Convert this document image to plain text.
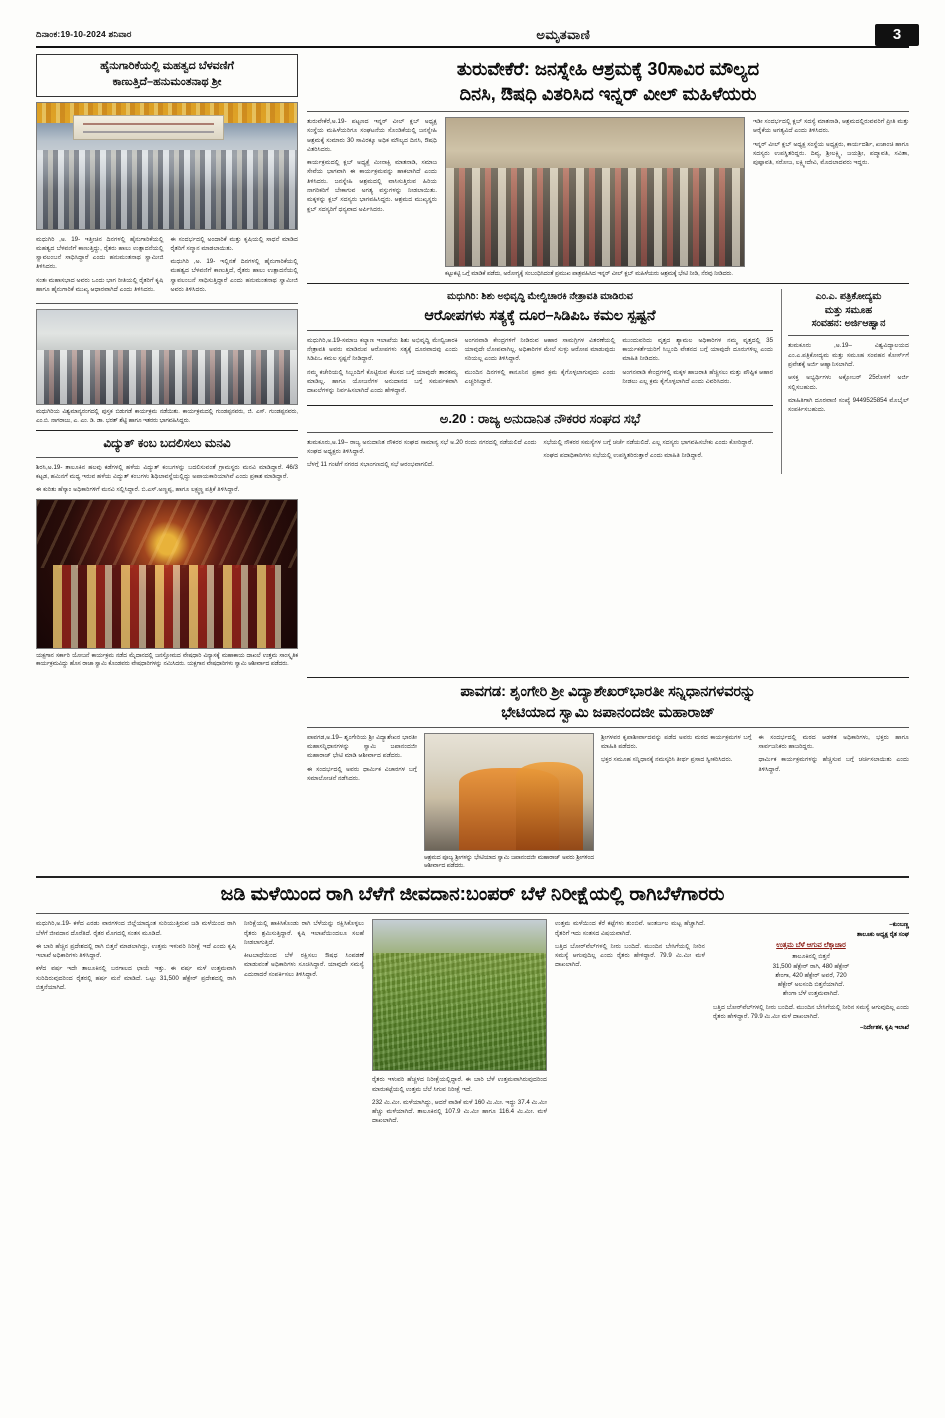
ದಿನಾಂಕ:19-10-2024 ಶನಿವಾರ	ಅಮೃತವಾಣಿ	3
ಹೈನುಗಾರಿಕೆಯಲ್ಲಿ ಮಹತ್ವದ ಬೆಳವಣಿಗೆ
ಕಾಣುತ್ತಿದೆ–ಹನುಮಂತನಾಥ ಶ್ರೀ

ಮಧುಗಿರಿ ,ಅ. 19- ಇತ್ತೀಚಿನ ದಿನಗಳಲ್ಲಿ ಹೈನುಗಾರಿಕೆಯಲ್ಲಿ ಮಹತ್ವದ ಬೆಳವಣಿಗೆ ಕಾಣುತ್ತಿದ್ದು, ರೈತರು ಹಾಲು ಉತ್ಪಾದನೆಯಲ್ಲಿ ಸ್ವಾವಲಂಬನೆ ಸಾಧಿಸಿದ್ದಾರೆ ಎಂದು ಹನುಮಂತನಾಥ ಸ್ವಾಮೀಜಿ ತಿಳಿಸಿದರು.

ಸಂತಃ ಮಹಾಸಭಾದ ಅವರು ಒಂದು ಭಾಗ ರೀತಿಯಲ್ಲಿ ರೈತರಿಗೆ ಕೃಷಿ ಹಾಗೂ ಹೈನುಗಾರಿಕೆ ಮುಖ್ಯ ಆಧಾರವಾಗಿದೆ ಎಂದು ತಿಳಿಸಿದರು.

ಈ ಸಂದರ್ಭದಲ್ಲಿ ಅಂದಾರಿಕೆ ಮತ್ತು ಕೃಷಿಯಲ್ಲಿ ಸಾಧನೆ ಮಾಡಿದ ರೈತರಿಗೆ ಸನ್ಮಾನ ಮಾಡಲಾಯಿತು.

ಮಧುಗಿರಿ ,ಅ. 19- ಇಲ್ಲಿನತೆ ದಿನಗಳಲ್ಲಿ ಹೈನುಗಾರಿಕೆಯಲ್ಲಿ ಮಹತ್ವದ ಬೆಳವಣಿಗೆ ಕಾಣುತ್ತಿದೆ, ರೈತರು ಹಾಲು ಉತ್ಪಾದನೆಯಲ್ಲಿ ಸ್ವಾವಲಂಬನೆ ಸಾಧಿಸುತ್ತಿದ್ದಾರೆ ಎಂದು ಹನುಮಂತನಾಥ ಸ್ವಾಮೀಜಿ ಅವರು ತಿಳಿಸಿದರು.

ಮಧುಗಿರಿಯ ವಿಶ್ವಮಾನ್ಯರಂಗದಲ್ಲಿ ಪುಸ್ತಕ ಬಿಡುಗಡೆ ಕಾರ್ಯಕ್ರಮ ನಡೆಯಿತು. ಕಾರ್ಯಕ್ರಮದಲ್ಲಿ ಗುಂಡಪ್ಪನವರು, ಜಿ. ಎಸ್. ಗುಂಡಪ್ಪನವರು, ಎಂ.ಬಿ. ನಾಗರಾಜು, ಎ. ಎಂ. ಡಿ. ಡಾ. ಭರತ್ ಶೆಟ್ಟಿ ಹಾಗೂ ಇತರರು ಭಾಗವಹಿಸಿದ್ದರು.
ವಿದ್ಯುತ್ ಕಂಬ ಬದಲಿಸಲು ಮನವಿ

ಶಿರಸಿ,ಅ.19- ತಾಲೂಕಿನ ಹಲವು ಕಡೆಗಳಲ್ಲಿ ಹಳೆಯ ವಿದ್ಯುತ್ ಕಂಬಗಳನ್ನು ಬದಲಿಸುವಂತೆ ಗ್ರಾಮಸ್ಥರು ಮನವಿ ಮಾಡಿದ್ದಾರೆ. 46/3 ಕಟ್ಟಡ, ಹಮಿನಗೆ ಮಧ್ಯ ಇರುವ ಹಳೆಯ ವಿದ್ಯುತ್ ಕಂಬಗಳು ಶಿಥಿಲಾವಸ್ಥೆಯಲ್ಲಿದ್ದು ಅಪಾಯಕಾರಿಯಾಗಿವೆ ಎಂದು ಪ್ರಕಾಶ ಮಾಡಿದ್ದಾರೆ.

ಈ ಕುರಿತು ಹೆಸ್ಕಾಂ ಅಧಿಕಾರಿಗಳಿಗೆ ಮನವಿ ಸಲ್ಲಿಸಿದ್ದಾರೆ. ಬಿ.ಎಸ್.ಅಣ್ಣಪ್ಪ, ಹಾಗೂ ಲಕ್ಷ್ಮಣ್ಣ ಪತ್ರಿಕೆ ತಿಳಿಸಿದ್ದಾರೆ.

ಯಕ್ಷಗಾನ ಸರ್ಕಾರಿ ಯೋಜನೆ ಕಾರ್ಯಕ್ರಮ ನಡೆದ ಮೈದಾನದಲ್ಲಿ ಜನಸ್ತೋಮದ ವೇಷಧಾರಿ ವಿನ್ಯಾಸಕ್ಕೆ ಮಹಾಕಾಯ ದಾಖಲೆ ಉತ್ತಮ ಸಾಂಸ್ಕೃತಿಕ ಕಾರ್ಯಕ್ರಮವಿದ್ದು ಹೊಸ ರಾಜಾ ಸ್ವಾಮಿ ಕೊಂಡವರು ವೇಷಧಾರಿಗಳನ್ನು ನಮಿಸಿದರು. ಯಕ್ಷಗಾನ ವೇಷಧಾರಿಗಳು ಸ್ವಾಮಿ ಆಶೀರ್ವಾದ ಪಡೆದರು.
ತುರುವೇಕೆರೆ: ಜನಸ್ನೇಹಿ ಆಶ್ರಮಕ್ಕೆ 30ಸಾವಿರ ಮೌಲ್ಯದ
ದಿನಸಿ, ಔಷಧಿ ವಿತರಿಸಿದ ಇನ್ನರ್ ವೀಲ್ ಮಹಿಳೆಯರು

ತುರುವೇಕೆರೆ,ಅ.19- ಪಟ್ಟಣದ ಇನ್ನರ್ ವೀಲ್ ಕ್ಲಬ್ ಅಧ್ಯಕ್ಷ ಸಂಸ್ಥೆಯ ಮಹಿಳೆಯರಿಗೂ ಸಂಘಟನೆಯ ಸೊಂಡಿಕೆಯಲ್ಲಿ ಜನಸ್ನೇಹಿ ಆಶ್ರಮಕ್ಕೆ ಸುಮಾರು 30 ಸಾವಿರಕ್ಕೂ ಅಧಿಕ ಮೌಲ್ಯದ ದಿನಸಿ, ಔಷಧಿ ವಿತರಿಸಿದರು.

ಕಾರ್ಯಕ್ರಮದಲ್ಲಿ ಕ್ಲಬ್ ಅಧ್ಯಕ್ಷೆ ಮೀನಾಕ್ಷಿ ಮಾತನಾಡಿ, ಸಮಾಜ ಸೇವೆಯ ಭಾಗವಾಗಿ ಈ ಕಾರ್ಯಕ್ರಮವನ್ನು ಹಾಕಲಾಗಿದೆ ಎಂದು ತಿಳಿಸಿದರು. ಜನಸ್ನೇಹಿ ಆಶ್ರಮದಲ್ಲಿ ವಾಸಿಸುತ್ತಿರುವ ಹಿರಿಯ ನಾಗರಿಕರಿಗೆ ಬೇಕಾಗುವ ಅಗತ್ಯ ವಸ್ತುಗಳನ್ನು ನೀಡಲಾಯಿತು. ಮಕ್ಕಳನ್ನು ಕ್ಲಬ್ ಸದಸ್ಯರು ಭಾಗವಹಿಸಿದ್ದರು. ಆಶ್ರಮದ ಮುಖ್ಯಸ್ಥರು ಕ್ಲಬ್ ಸದಸ್ಯರಿಗೆ ಧನ್ಯವಾದ ಅರ್ಪಿಸಿದರು.

ಕಟ್ಟುಕಟ್ಟಿ ಒಗ್ಗೆ ಮಾಡಿಕೆ ಪಡೆದು, ಅರೋಗ್ಯಕ್ಕೆ ಸಂಬಂಧಿಸಿದಂತೆ ಪ್ರಮುಖ ಪಾತ್ರವಹಿಸಿದ ಇನ್ನರ್ ವೀಲ್ ಕ್ಲಬ್ ಮಹಿಳೆಯರು ಆಶ್ರಮಕ್ಕೆ ಭೇಟಿ ನೀಡಿ, ನೆರವು ನೀಡಿದರು.

ಇಡೀ ಸಂದರ್ಭದಲ್ಲಿ ಕ್ಲಬ್ ಸದಸ್ಯೆ ಮಾತನಾಡಿ, ಆಶ್ರಮದಲ್ಲಿರುವವರಿಗೆ ಪ್ರೀತಿ ಮತ್ತು ಆರೈಕೆಯ ಅಗತ್ಯವಿದೆ ಎಂದು ತಿಳಿಸಿದರು.

ಇನ್ನರ್ ವೀಲ್ ಕ್ಲಬ್ ಅಧ್ಯಕ್ಷ ಸಂಸ್ಥೆಯ ಅಧ್ಯಕ್ಷರು, ಕಾರ್ಯದರ್ಶಿ, ಖಜಾಂಚಿ ಹಾಗೂ ಸದಸ್ಯರು ಉಪಸ್ಥಿತರಿದ್ದರು. ದಿವ್ಯ, ಶ್ರೀಲಕ್ಷ್ಮಿ, ಜಯಶ್ರೀ, ಪದ್ಮಾವತಿ, ಸವಿತಾ, ಪುಷ್ಪಾವತಿ, ಸರೋಜ, ಲಕ್ಷ್ಮೀದೇವಿ, ಮೊದಲಾದವರು ಇದ್ದರು.

ಮಧುಗಿರಿ: ಶಿಶು ಅಭಿವೃದ್ಧಿ ಮೇಲ್ವಿಚಾರಕಿ ನೇತ್ರಾವತಿ ಮಾಡಿರುವ
ಆರೋಪಗಳು ಸತ್ಯಕ್ಕೆ ದೂರ–ಸಿಡಿಪಿಒ ಕಮಲ ಸ್ಪಷ್ಟನೆ

ಮಧುಗಿರಿ,ಅ.19-ಸಮಾಜ ಕಲ್ಯಾಣ ಇಲಾಖೆಯ ಶಿಶು ಅಭಿವೃದ್ಧಿ ಮೇಲ್ವಿಚಾರಕಿ ನೇತ್ರಾವತಿ ಅವರು ಮಾಡಿರುವ ಆರೋಪಗಳು ಸತ್ಯಕ್ಕೆ ದೂರವಾದವು ಎಂದು ಸಿಡಿಪಿಒ ಕಮಲ ಸ್ಪಷ್ಟನೆ ನೀಡಿದ್ದಾರೆ.

ನಮ್ಮ ಕಚೇರಿಯಲ್ಲಿ ಸಿಬ್ಬಂದಿಗೆ ಕೊಟ್ಟಿರುವ ಕೆಲಸದ ಬಗ್ಗೆ ಯಾವುದೇ ತಾರತಮ್ಯ ಮಾಡಿಲ್ಲ. ಹಾಗೂ ಯೋಜನೆಗಳ ಅನುದಾನದ ಬಗ್ಗೆ ಸಮರ್ಪಕವಾಗಿ ದಾಖಲೆಗಳನ್ನು ನಿರ್ವಹಿಸಲಾಗಿದೆ ಎಂದು ಹೇಳಿದ್ದಾರೆ.

ಅಂಗನವಾಡಿ ಕೇಂದ್ರಗಳಿಗೆ ನೀಡಿರುವ ಆಹಾರ ಸಾಮಗ್ರಿಗಳ ವಿತರಣೆಯಲ್ಲಿ ಯಾವುದೇ ಲೋಪವಾಗಿಲ್ಲ. ಅಧಿಕಾರಿಗಳ ಮೇಲೆ ಸುಳ್ಳು ಆರೋಪ ಮಾಡುವುದು ಸರಿಯಲ್ಲ ಎಂದು ತಿಳಿಸಿದ್ದಾರೆ.

ಮುಂದಿನ ದಿನಗಳಲ್ಲಿ ಕಾನೂನಿನ ಪ್ರಕಾರ ಕ್ರಮ ಕೈಗೊಳ್ಳಲಾಗುವುದು ಎಂದು ಎಚ್ಚರಿಸಿದ್ದಾರೆ.

ಮುಂದುವರಿದು ವೃತ್ತದ ಶ್ಯಾಮಲ ಅಧಿಕಾರಿಗಳ ನಮ್ಮ ವೃತ್ತದಲ್ಲಿ 35 ಕಾರ್ಯಕರ್ತೆಯರಿಗೆ ಸಿಬ್ಬಂದಿ ವೇತನದ ಬಗ್ಗೆ ಯಾವುದೇ ದೂರುಗಳಿಲ್ಲ ಎಂದು ಮಾಹಿತಿ ನೀಡಿದರು.

ಅಂಗನವಾಡಿ ಕೇಂದ್ರಗಳಲ್ಲಿ ಮಕ್ಕಳ ಹಾಜರಾತಿ ಹೆಚ್ಚಿಸಲು ಮತ್ತು ಪೌಷ್ಟಿಕ ಆಹಾರ ನೀಡಲು ಎಲ್ಲ ಕ್ರಮ ಕೈಗೊಳ್ಳಲಾಗಿದೆ ಎಂದು ವಿವರಿಸಿದರು.

ಅ.20 : ರಾಜ್ಯ ಅನುದಾನಿತ ನೌಕರರ ಸಂಘದ ಸಭೆ

ತುಮಕೂರು,ಅ.19– ರಾಜ್ಯ ಅನುದಾನಿತ ನೌಕರರ ಸಂಘದ ಸಾಮಾನ್ಯ ಸಭೆ ಅ.20 ರಂದು ನಗರದಲ್ಲಿ ನಡೆಯಲಿದೆ ಎಂದು ಸಂಘದ ಅಧ್ಯಕ್ಷರು ತಿಳಿಸಿದ್ದಾರೆ.

ಬೆಳಗ್ಗೆ 11 ಗಂಟೆಗೆ ನಗರದ ಸಭಾಂಗಣದಲ್ಲಿ ಸಭೆ ಆರಂಭವಾಗಲಿದೆ.

ಸಭೆಯಲ್ಲಿ ನೌಕರರ ಸಮಸ್ಯೆಗಳ ಬಗ್ಗೆ ಚರ್ಚೆ ನಡೆಯಲಿದೆ. ಎಲ್ಲ ಸದಸ್ಯರು ಭಾಗವಹಿಸಬೇಕು ಎಂದು ಕೋರಿದ್ದಾರೆ.

ಸಂಘದ ಪದಾಧಿಕಾರಿಗಳು ಸಭೆಯಲ್ಲಿ ಉಪಸ್ಥಿತರಿರುತ್ತಾರೆ ಎಂದು ಮಾಹಿತಿ ನೀಡಿದ್ದಾರೆ.

ಎಂ.ಎ. ಪತ್ರಿಕೋದ್ಯಮ
ಮತ್ತು ಸಮೂಹ
ಸಂವಹನ: ಅರ್ಜಿಆಹ್ವಾನ

ತುಮಕೂರು ,ಅ.19– ವಿಶ್ವವಿದ್ಯಾಲಯದ ಎಂ.ಎ.ಪತ್ರಿಕೋದ್ಯಮ ಮತ್ತು ಸಮೂಹ ಸಂವಹನ ಕೋರ್ಸ್‌ಗೆ ಪ್ರವೇಶಕ್ಕೆ ಅರ್ಜಿ ಆಹ್ವಾನಿಸಲಾಗಿದೆ.

ಆಸಕ್ತ ಅಭ್ಯರ್ಥಿಗಳು ಅಕ್ಟೋಬರ್ 25ರೊಳಗೆ ಅರ್ಜಿ ಸಲ್ಲಿಸಬಹುದು.

ಮಾಹಿತಿಗಾಗಿ ದೂರವಾಣಿ ಸಂಖ್ಯೆ 9449525854 ಮೊಬೈಲ್ ಸಂಪರ್ಕಿಸಬಹುದು.

ಪಾವಗಡ: ಶೃಂಗೇರಿ ಶ್ರೀ ವಿದ್ಯಾಶೇಖರ್‌ಭಾರತೀ ಸನ್ನಿಧಾನಗಳವರನ್ನು
ಭೇಟಿಯಾದ ಸ್ವಾಮಿ ಜಪಾನಂದಜೀ ಮಹಾರಾಜ್

ಪಾವಗಡ,ಅ.19– ಶೃಂಗೇರಿಯ ಶ್ರೀ ವಿದ್ಯಾಶೇಖರ ಭಾರತೀ ಮಹಾಸನ್ನಿಧಾನಗಳನ್ನು ಸ್ವಾಮಿ ಜಪಾನಂದಜೀ ಮಹಾರಾಜ್ ಭೇಟಿ ಮಾಡಿ ಆಶೀರ್ವಾದ ಪಡೆದರು.

ಈ ಸಂದರ್ಭದಲ್ಲಿ ಅವರು ಧಾರ್ಮಿಕ ವಿಚಾರಗಳ ಬಗ್ಗೆ ಸಮಾಲೋಚನೆ ನಡೆಸಿದರು.

ಆಶ್ರಮದ ಪೂಜ್ಯ ಶ್ರೀಗಳನ್ನು ಭೇಟಿಯಾದ ಸ್ವಾಮಿ ಜಪಾನಂದಜೀ ಮಹಾರಾಜ್ ಅವರು ಶ್ರೀಗಳಿಂದ ಆಶೀರ್ವಾದ ಪಡೆದರು.

ಶ್ರೀಗಳವರ ಕೃಪಾಶೀರ್ವಾದವನ್ನು ಪಡೆದ ಅವರು ಮಠದ ಕಾರ್ಯಕ್ರಮಗಳ ಬಗ್ಗೆ ಮಾಹಿತಿ ಪಡೆದರು.

ಭಕ್ತರ ಸಮೂಹ ಸನ್ನಿಧಾನಕ್ಕೆ ನಮಸ್ಕರಿಸಿ ತೀರ್ಥ ಪ್ರಸಾದ ಸ್ವೀಕರಿಸಿದರು.

ಈ ಸಂದರ್ಭದಲ್ಲಿ ಮಠದ ಆಡಳಿತ ಅಧಿಕಾರಿಗಳು, ಭಕ್ತರು ಹಾಗೂ ಸಾರ್ವಜನಿಕರು ಹಾಜರಿದ್ದರು.

ಧಾರ್ಮಿಕ ಕಾರ್ಯಕ್ರಮಗಳನ್ನು ಹೆಚ್ಚಿಸುವ ಬಗ್ಗೆ ಚರ್ಚಿಸಲಾಯಿತು ಎಂದು ತಿಳಿಸಿದ್ದಾರೆ.

ಜಡಿ ಮಳೆಯಿಂದ ರಾಗಿ ಬೆಳೆಗೆ ಜೀವದಾನ:ಬಂಪರ್ ಬೆಳೆ ನಿರೀಕ್ಷೆಯಲ್ಲಿ ರಾಗಿಬೆಳೆಗಾರರು

ಮಧುಗಿರಿ,ಅ.19- ಕಳೆದ ಎರಡು ವಾರಗಳಿಂದ ಜಿಲ್ಲೆಯಾದ್ಯಂತ ಸುರಿಯುತ್ತಿರುವ ಜಡಿ ಮಳೆಯಿಂದ ರಾಗಿ ಬೆಳೆಗೆ ಜೀವದಾನ ದೊರೆತಿದೆ. ರೈತರ ಮೊಗದಲ್ಲಿ ಸಂತಸ ಮೂಡಿದೆ.

ಈ ಬಾರಿ ಹೆಚ್ಚಿನ ಪ್ರದೇಶದಲ್ಲಿ ರಾಗಿ ಬಿತ್ತನೆ ಮಾಡಲಾಗಿದ್ದು, ಉತ್ತಮ ಇಳುವರಿ ನಿರೀಕ್ಷೆ ಇದೆ ಎಂದು ಕೃಷಿ ಇಲಾಖೆ ಅಧಿಕಾರಿಗಳು ತಿಳಿಸಿದ್ದಾರೆ.

ಕಳೆದ ವರ್ಷ ಇದೇ ತಾಲೂಕಿನಲ್ಲಿ ಬರಗಾಲದ ಛಾಯೆ ಇತ್ತು. ಈ ವರ್ಷ ಮಳೆ ಉತ್ತಮವಾಗಿ ಸುರಿದಿರುವುದರಿಂದ ರೈತರಲ್ಲಿ ಹರ್ಷ ಮನೆ ಮಾಡಿದೆ. ಒಟ್ಟು 31,500 ಹೆಕ್ಟೇರ್ ಪ್ರದೇಶದಲ್ಲಿ ರಾಗಿ ಬಿತ್ತನೆಯಾಗಿದೆ.

ನೀರಿಕ್ಷೆಯಲ್ಲಿ ಹಾಕಿಸಿಕೊಂಡು ರಾಗಿ ಬೆಳೆಯನ್ನು ರಕ್ಷಿಸಿಕೊಳ್ಳಲು ರೈತರು ಶ್ರಮಿಸುತ್ತಿದ್ದಾರೆ. ಕೃಷಿ ಇಲಾಖೆಯಿಂದಲೂ ಸಲಹೆ ನೀಡಲಾಗುತ್ತಿದೆ.

ಕೀಟಬಾಧೆಯಿಂದ ಬೆಳೆ ರಕ್ಷಿಸಲು ಔಷಧ ಸಿಂಪಡಣೆ ಮಾಡುವಂತೆ ಅಧಿಕಾರಿಗಳು ಸೂಚಿಸಿದ್ದಾರೆ. ಯಾವುದೇ ಸಮಸ್ಯೆ ಎದುರಾದರೆ ಸಂಪರ್ಕಿಸಲು ತಿಳಿಸಿದ್ದಾರೆ.

ರೈತರು ಇಳುವರಿ ಹೆಚ್ಚಳದ ನಿರೀಕ್ಷೆಯಲ್ಲಿದ್ದಾರೆ. ಈ ಬಾರಿ ಬೆಳೆ ಉತ್ತಮವಾಗಿರುವುದರಿಂದ ಮಾರುಕಟ್ಟೆಯಲ್ಲಿ ಉತ್ತಮ ಬೆಲೆ ಸಿಗುವ ನಿರೀಕ್ಷೆ ಇದೆ.

232 ಮಿ.ಮೀ. ಮಳೆಯಾಗಿದ್ದು, ಆದರೆ ವಾಡಿಕೆ ಮಳೆ 160 ಮಿ.ಮೀ. ಇದ್ದು 37.4 ಮಿ.ಮೀ ಹೆಚ್ಚು ಮಳೆಯಾಗಿದೆ. ತಾಲೂಕಿನಲ್ಲಿ 107.9 ಮಿ.ಮೀ ಹಾಗೂ 116.4 ಮಿ.ಮೀ. ಮಳೆ ದಾಖಲಾಗಿದೆ.

ಉತ್ತಮ ಮಳೆಯಿಂದ ಕೆರೆ ಕಟ್ಟೆಗಳು ತುಂಬಿವೆ. ಅಂತರ್ಜಲ ಮಟ್ಟ ಹೆಚ್ಚಾಗಿದೆ. ರೈತರಿಗೆ ಇದು ಸಂತಸದ ವಿಷಯವಾಗಿದೆ.

ಬತ್ತಿದ ಬೋರ್‌ವೆಲ್‌ಗಳಲ್ಲಿ ನೀರು ಬಂದಿದೆ. ಮುಂದಿನ ಬೇಸಿಗೆಯಲ್ಲಿ ನೀರಿನ ಸಮಸ್ಯೆ ಆಗುವುದಿಲ್ಲ ಎಂದು ರೈತರು ಹೇಳಿದ್ದಾರೆ. 79.9 ಮಿ.ಮೀ ಮಳೆ ದಾಖಲಾಗಿದೆ.

–ಕುಂಬಣ್ಣ
ತಾಲೂಕು ಅಧ್ಯಕ್ಷ ರೈತ ಸಂಘ
ಉತ್ತಮ ಬೆಳೆ ಆಗುವ ಲೆಕ್ಕಾಚಾರ

ತಾಲೂಕಿನಲ್ಲಿ ಬಿತ್ತನೆ

31,500 ಹೆಕ್ಟೇರ್ ರಾಗಿ, 480 ಹೆಕ್ಟೇರ್

ಶೇಂಗಾ, 420 ಹೆಕ್ಟೇರ್ ಅವರೆ, 720

ಹೆಕ್ಟೇರ್ ಅಲಸಂದಿ ಬಿತ್ತನೆಯಾಗಿದೆ.

ಶೇಂಗಾ ಬೆಳೆ ಉತ್ತಮವಾಗಿದೆ.

ಬತ್ತಿದ ಬೋರ್‌ವೆಲ್‌ಗಳಲ್ಲಿ ನೀರು ಬಂದಿದೆ. ಮುಂದಿನ ಬೇಸಿಗೆಯಲ್ಲಿ ನೀರಿನ ಸಮಸ್ಯೆ ಆಗುವುದಿಲ್ಲ ಎಂದು ರೈತರು ಹೇಳಿದ್ದಾರೆ. 79.9 ಮಿ.ಮೀ ಮಳೆ ದಾಖಲಾಗಿದೆ.

–ನಿರ್ದೇಶಕ, ಕೃಷಿ ಇಲಾಖೆ
